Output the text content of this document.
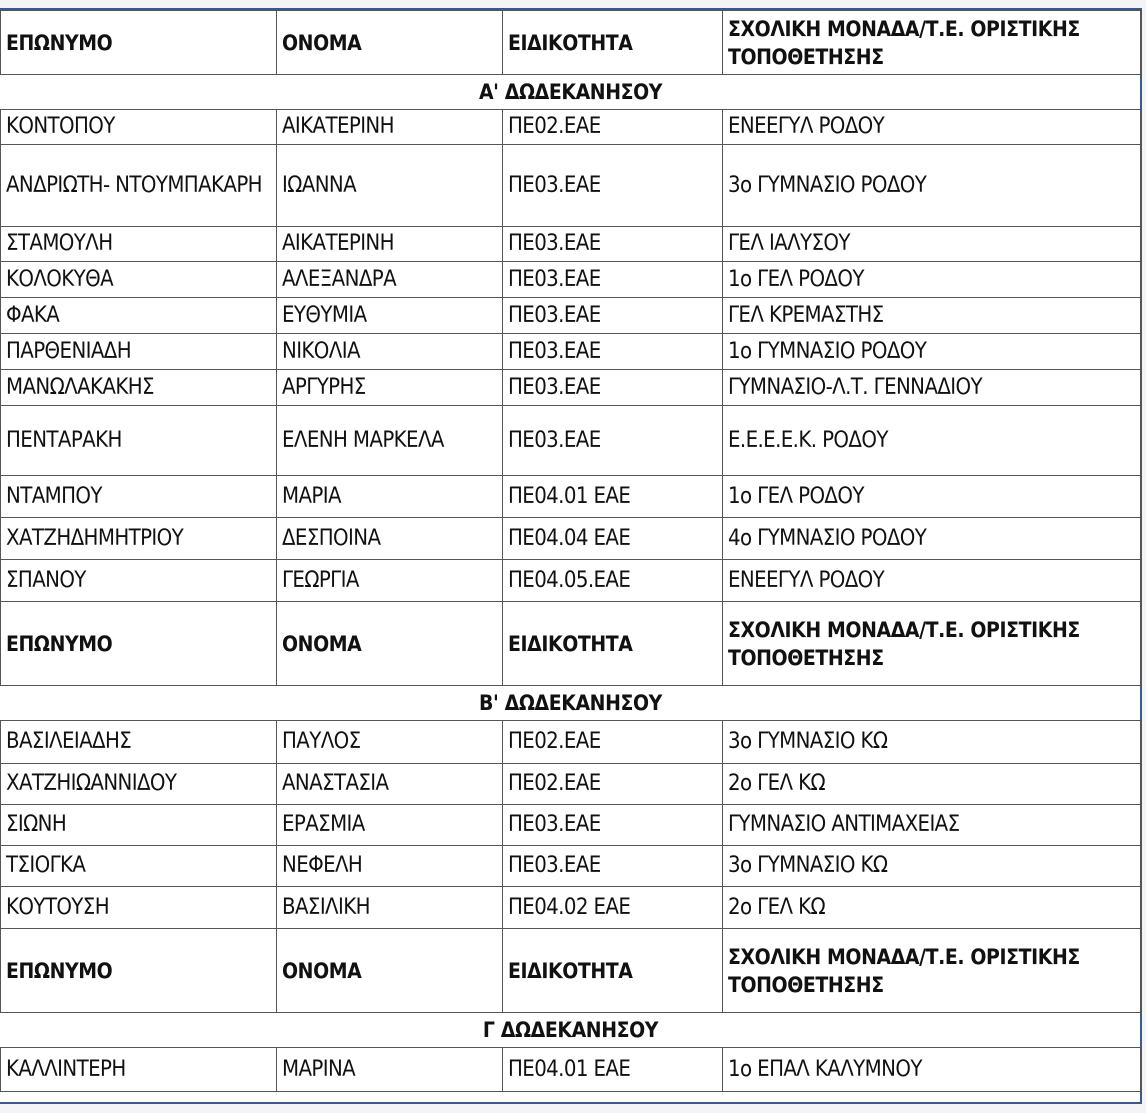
ΕΠΩΝΥΜΟ	ΟΝΟΜΑ	ΕΙΔΙΚΟΤΗΤΑ	ΣΧΟΛΙΚΗ ΜΟΝΑΔΑ/Τ.Ε. ΟΡΙΣΤΙΚΗΣ ΤΟΠΟΘΕΤΗΣΗΣ
Α' ΔΩΔΕΚΑΝΗΣΟΥ			
ΚΟΝΤΟΠΟΥ	ΑΙΚΑΤΕΡΙΝΗ	ΠΕ02.ΕΑΕ	ΕΝΕΕΓΥΛ ΡΟΔΟΥ
ΑΝΔΡΙΩΤΗ- ΝΤΟΥΜΠΑΚΑΡΗ	ΙΩΑΝΝΑ	ΠΕ03.ΕΑΕ	3ο ΓΥΜΝΑΣΙΟ ΡΟΔΟΥ
ΣΤΑΜΟΥΛΗ	ΑΙΚΑΤΕΡΙΝΗ	ΠΕ03.ΕΑΕ	ΓΕΛ ΙΑΛΥΣΟΥ
ΚΟΛΟΚΥΘΑ	ΑΛΕΞΑΝΔΡΑ	ΠΕ03.ΕΑΕ	1ο ΓΕΛ ΡΟΔΟΥ
ΦΑΚΑ	ΕΥΘΥΜΙΑ	ΠΕ03.ΕΑΕ	ΓΕΛ ΚΡΕΜΑΣΤΗΣ
ΠΑΡΘΕΝΙΑΔΗ	ΝΙΚΟΛΙΑ	ΠΕ03.ΕΑΕ	1ο ΓΥΜΝΑΣΙΟ ΡΟΔΟΥ
ΜΑΝΩΛΑΚΑΚΗΣ	ΑΡΓΥΡΗΣ	ΠΕ03.ΕΑΕ	ΓΥΜΝΑΣΙΟ-Λ.Τ. ΓΕΝΝΑΔΙΟΥ
ΠΕΝΤΑΡΑΚΗ	ΕΛΕΝΗ ΜΑΡΚΕΛΑ	ΠΕ03.ΕΑΕ	Ε.Ε.Ε.Ε.Κ. ΡΟΔΟΥ
ΝΤΑΜΠΟΥ	ΜΑΡΙΑ	ΠΕ04.01 ΕΑΕ	1ο ΓΕΛ ΡΟΔΟΥ
ΧΑΤΖΗΔΗΜΗΤΡΙΟΥ	ΔΕΣΠΟΙΝΑ	ΠΕ04.04 ΕΑΕ	4ο ΓΥΜΝΑΣΙΟ ΡΟΔΟΥ
ΣΠΑΝΟΥ	ΓΕΩΡΓΙΑ	ΠΕ04.05.ΕΑΕ	ΕΝΕΕΓΥΛ ΡΟΔΟΥ
ΕΠΩΝΥΜΟ	ΟΝΟΜΑ	ΕΙΔΙΚΟΤΗΤΑ	ΣΧΟΛΙΚΗ ΜΟΝΑΔΑ/Τ.Ε. ΟΡΙΣΤΙΚΗΣ ΤΟΠΟΘΕΤΗΣΗΣ
Β' ΔΩΔΕΚΑΝΗΣΟΥ			
ΒΑΣΙΛΕΙΑΔΗΣ	ΠΑΥΛΟΣ	ΠΕ02.ΕΑΕ	3ο ΓΥΜΝΑΣΙΟ ΚΩ
ΧΑΤΖΗΙΩΑΝΝΙΔΟΥ	ΑΝΑΣΤΑΣΙΑ	ΠΕ02.ΕΑΕ	2ο ΓΕΛ ΚΩ
ΣΙΩΝΗ	ΕΡΑΣΜΙΑ	ΠΕ03.ΕΑΕ	ΓΥΜΝΑΣΙΟ ΑΝΤΙΜΑΧΕΙΑΣ
ΤΣΙΟΓΚΑ	ΝΕΦΕΛΗ	ΠΕ03.ΕΑΕ	3ο ΓΥΜΝΑΣΙΟ ΚΩ
ΚΟΥΤΟΥΣΗ	ΒΑΣΙΛΙΚΗ	ΠΕ04.02 ΕΑΕ	2ο ΓΕΛ ΚΩ
ΕΠΩΝΥΜΟ	ΟΝΟΜΑ	ΕΙΔΙΚΟΤΗΤΑ	ΣΧΟΛΙΚΗ ΜΟΝΑΔΑ/Τ.Ε. ΟΡΙΣΤΙΚΗΣ ΤΟΠΟΘΕΤΗΣΗΣ
Γ ΔΩΔΕΚΑΝΗΣΟΥ			
ΚΑΛΛΙΝΤΕΡΗ	ΜΑΡΙΝΑ	ΠΕ04.01 ΕΑΕ	1ο ΕΠΑΛ ΚΑΛΥΜΝΟΥ
